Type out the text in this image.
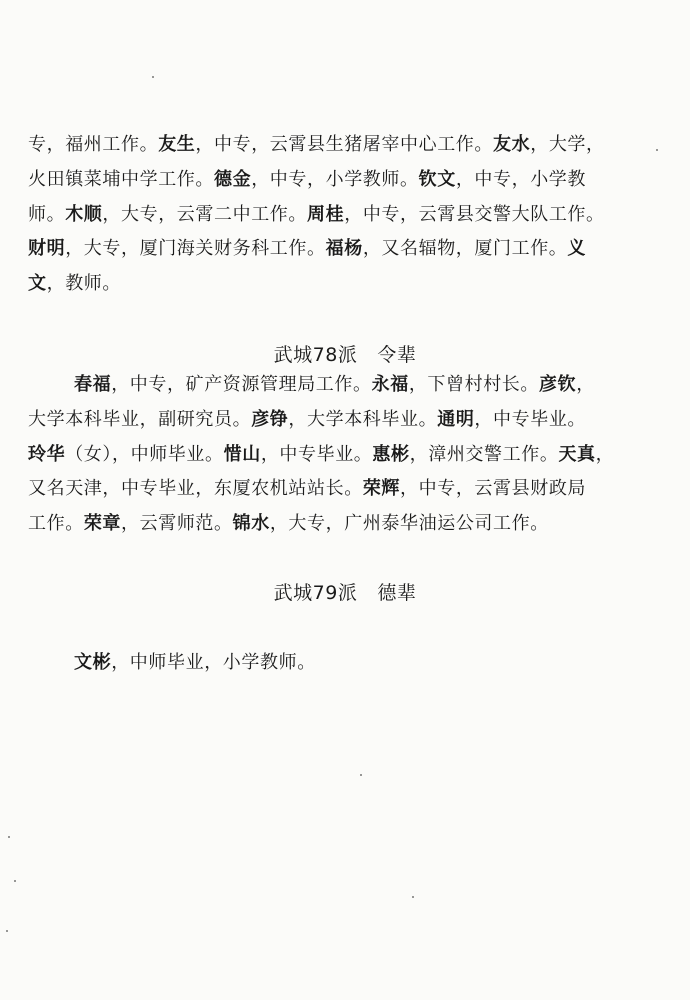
专，福州工作。友生，中专，云霄县生猪屠宰中心工作。友水，大学，
火田镇菜埔中学工作。德金，中专，小学教师。钦文，中专，小学教
师。木顺，大专，云霄二中工作。周桂，中专，云霄县交警大队工作。
财明，大专，厦门海关财务科工作。福杨，又名辐物，厦门工作。义
文，教师。
武城78派 令辈
春福，中专，矿产资源管理局工作。永福，下曾村村长。彦钦，
大学本科毕业，副研究员。彦铮，大学本科毕业。通明，中专毕业。
玲华（女），中师毕业。惜山，中专毕业。惠彬，漳州交警工作。天真，
又名天津，中专毕业，东厦农机站站长。荣辉，中专，云霄县财政局
工作。荣章，云霄师范。锦水，大专，广州泰华油运公司工作。
武城79派 德辈
文彬，中师毕业，小学教师。
